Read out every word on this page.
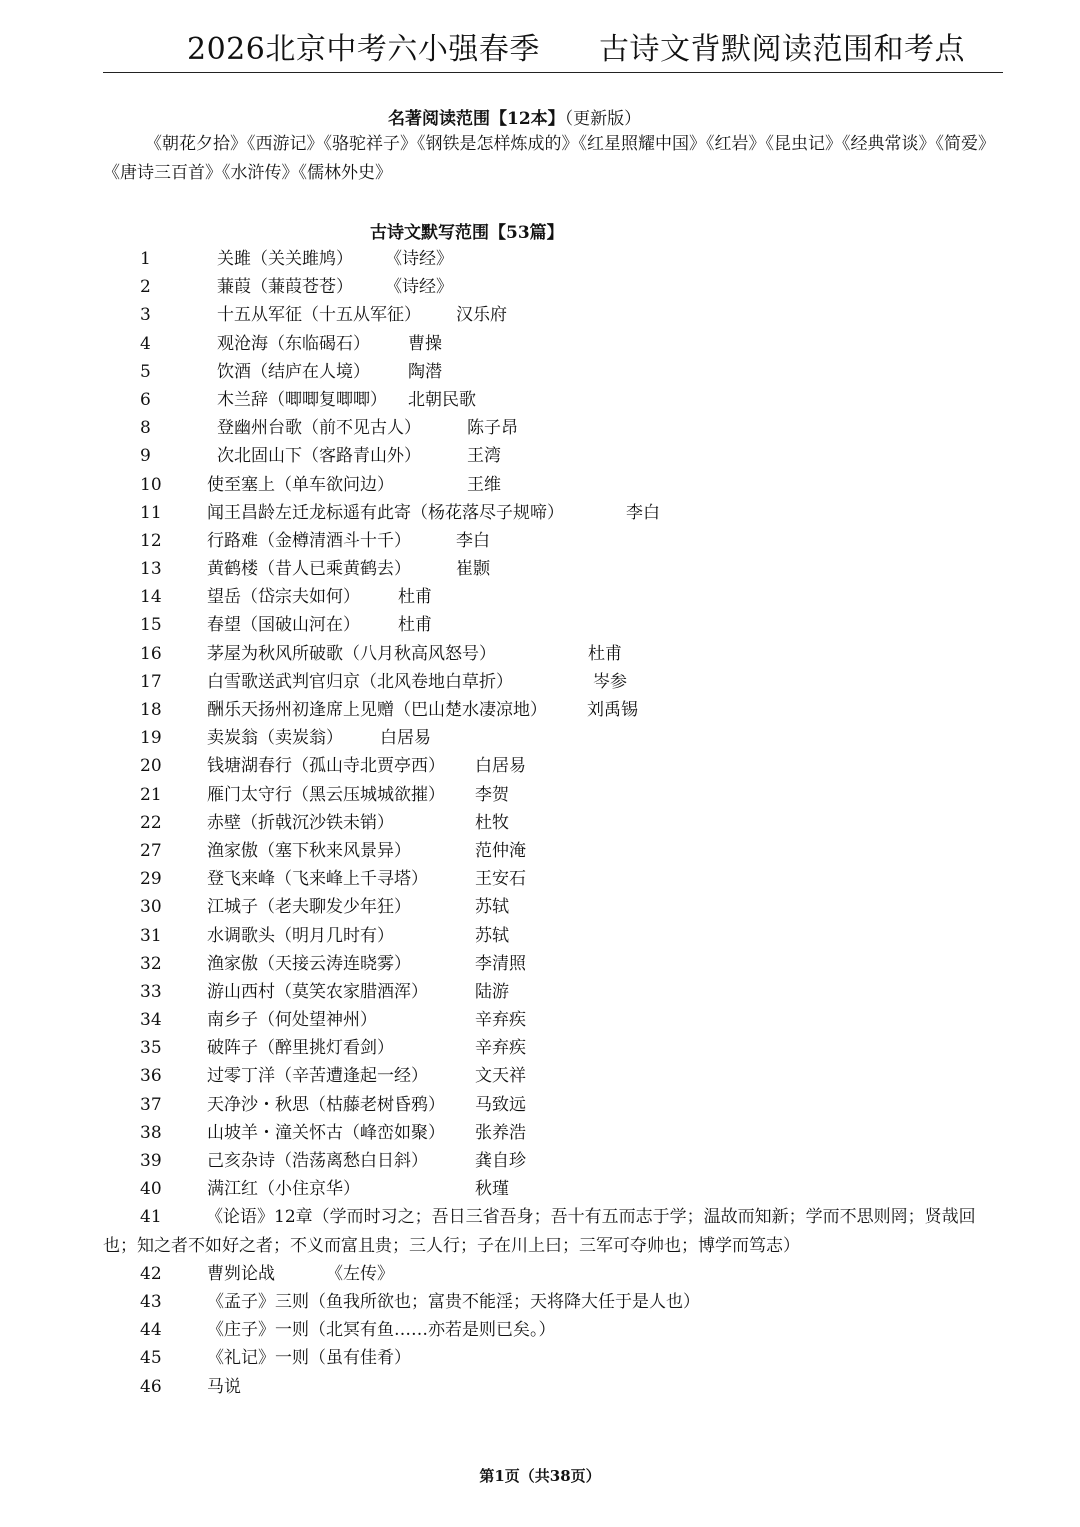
2026北京中考六小强春季 古诗文背默阅读范围和考点
名著阅读范围【12本】（更新版）
《朝花夕拾》《西游记》《骆驼祥子》《钢铁是怎样炼成的》《红星照耀中国》《红岩》《昆虫记》《经典常谈》《简爱》《唐诗三百首》《水浒传》《儒林外史》
古诗文默写范围【53篇】
1	关雎（关关雎鸠） 《诗经》
2	蒹葭（蒹葭苍苍） 《诗经》
3	十五从军征（十五从军征） 汉乐府
4	观沧海（东临碣石） 曹操
5	饮酒（结庐在人境） 陶潜
6	木兰辞（唧唧复唧唧） 北朝民歌
8	登幽州台歌（前不见古人）	陈子昂
9	次北固山下（客路青山外）	王湾
10	使至塞上（单车欲问边）	王维
11	闻王昌龄左迁龙标遥有此寄（杨花落尽子规啼）	李白
12	行路难（金樽清酒斗十千）	李白
13	黄鹤楼（昔人已乘黄鹤去）	崔颢
14	望岳（岱宗夫如何） 杜甫
15	春望（国破山河在） 杜甫
16	茅屋为秋风所破歌（八月秋高风怒号）	杜甫
17	白雪歌送武判官归京（北风卷地白草折）	岑参
18	酬乐天扬州初逢席上见赠（巴山楚水凄凉地） 刘禹锡
19	卖炭翁（卖炭翁） 白居易
20	钱塘湖春行（孤山寺北贾亭西） 白居易
21	雁门太守行（黑云压城城欲摧） 李贺
22	赤壁（折戟沉沙铁未销）	杜牧
27	渔家傲（塞下秋来风景异）	范仲淹
29	登飞来峰（飞来峰上千寻塔）	王安石
30	江城子（老夫聊发少年狂）	苏轼
31	水调歌头（明月几时有）	苏轼
32	渔家傲（天接云涛连晓雾）	李清照
33	游山西村（莫笑农家腊酒浑）	陆游
34	南乡子（何处望神州）	辛弃疾
35	破阵子（醉里挑灯看剑）	辛弃疾
36	过零丁洋（辛苦遭逢起一经）	文天祥
37	天净沙・秋思（枯藤老树昏鸦） 马致远
38	山坡羊・潼关怀古（峰峦如聚） 张养浩
39	己亥杂诗（浩荡离愁白日斜）	龚自珍
40	满江红（小住京华）	秋瑾
41	《论语》12章（学而时习之；吾日三省吾身；吾十有五而志于学；温故而知新；学而不思则罔；贤哉回也；知之者不如好之者；不义而富且贵；三人行；子在川上曰；三军可夺帅也；博学而笃志）
42	曹刿论战	《左传》
43	《孟子》三则（鱼我所欲也；富贵不能淫；天将降大任于是人也）
44	《庄子》一则（北冥有鱼……亦若是则已矣。）
45	《礼记》一则（虽有佳肴）
46	马说
第1页（共38页）
